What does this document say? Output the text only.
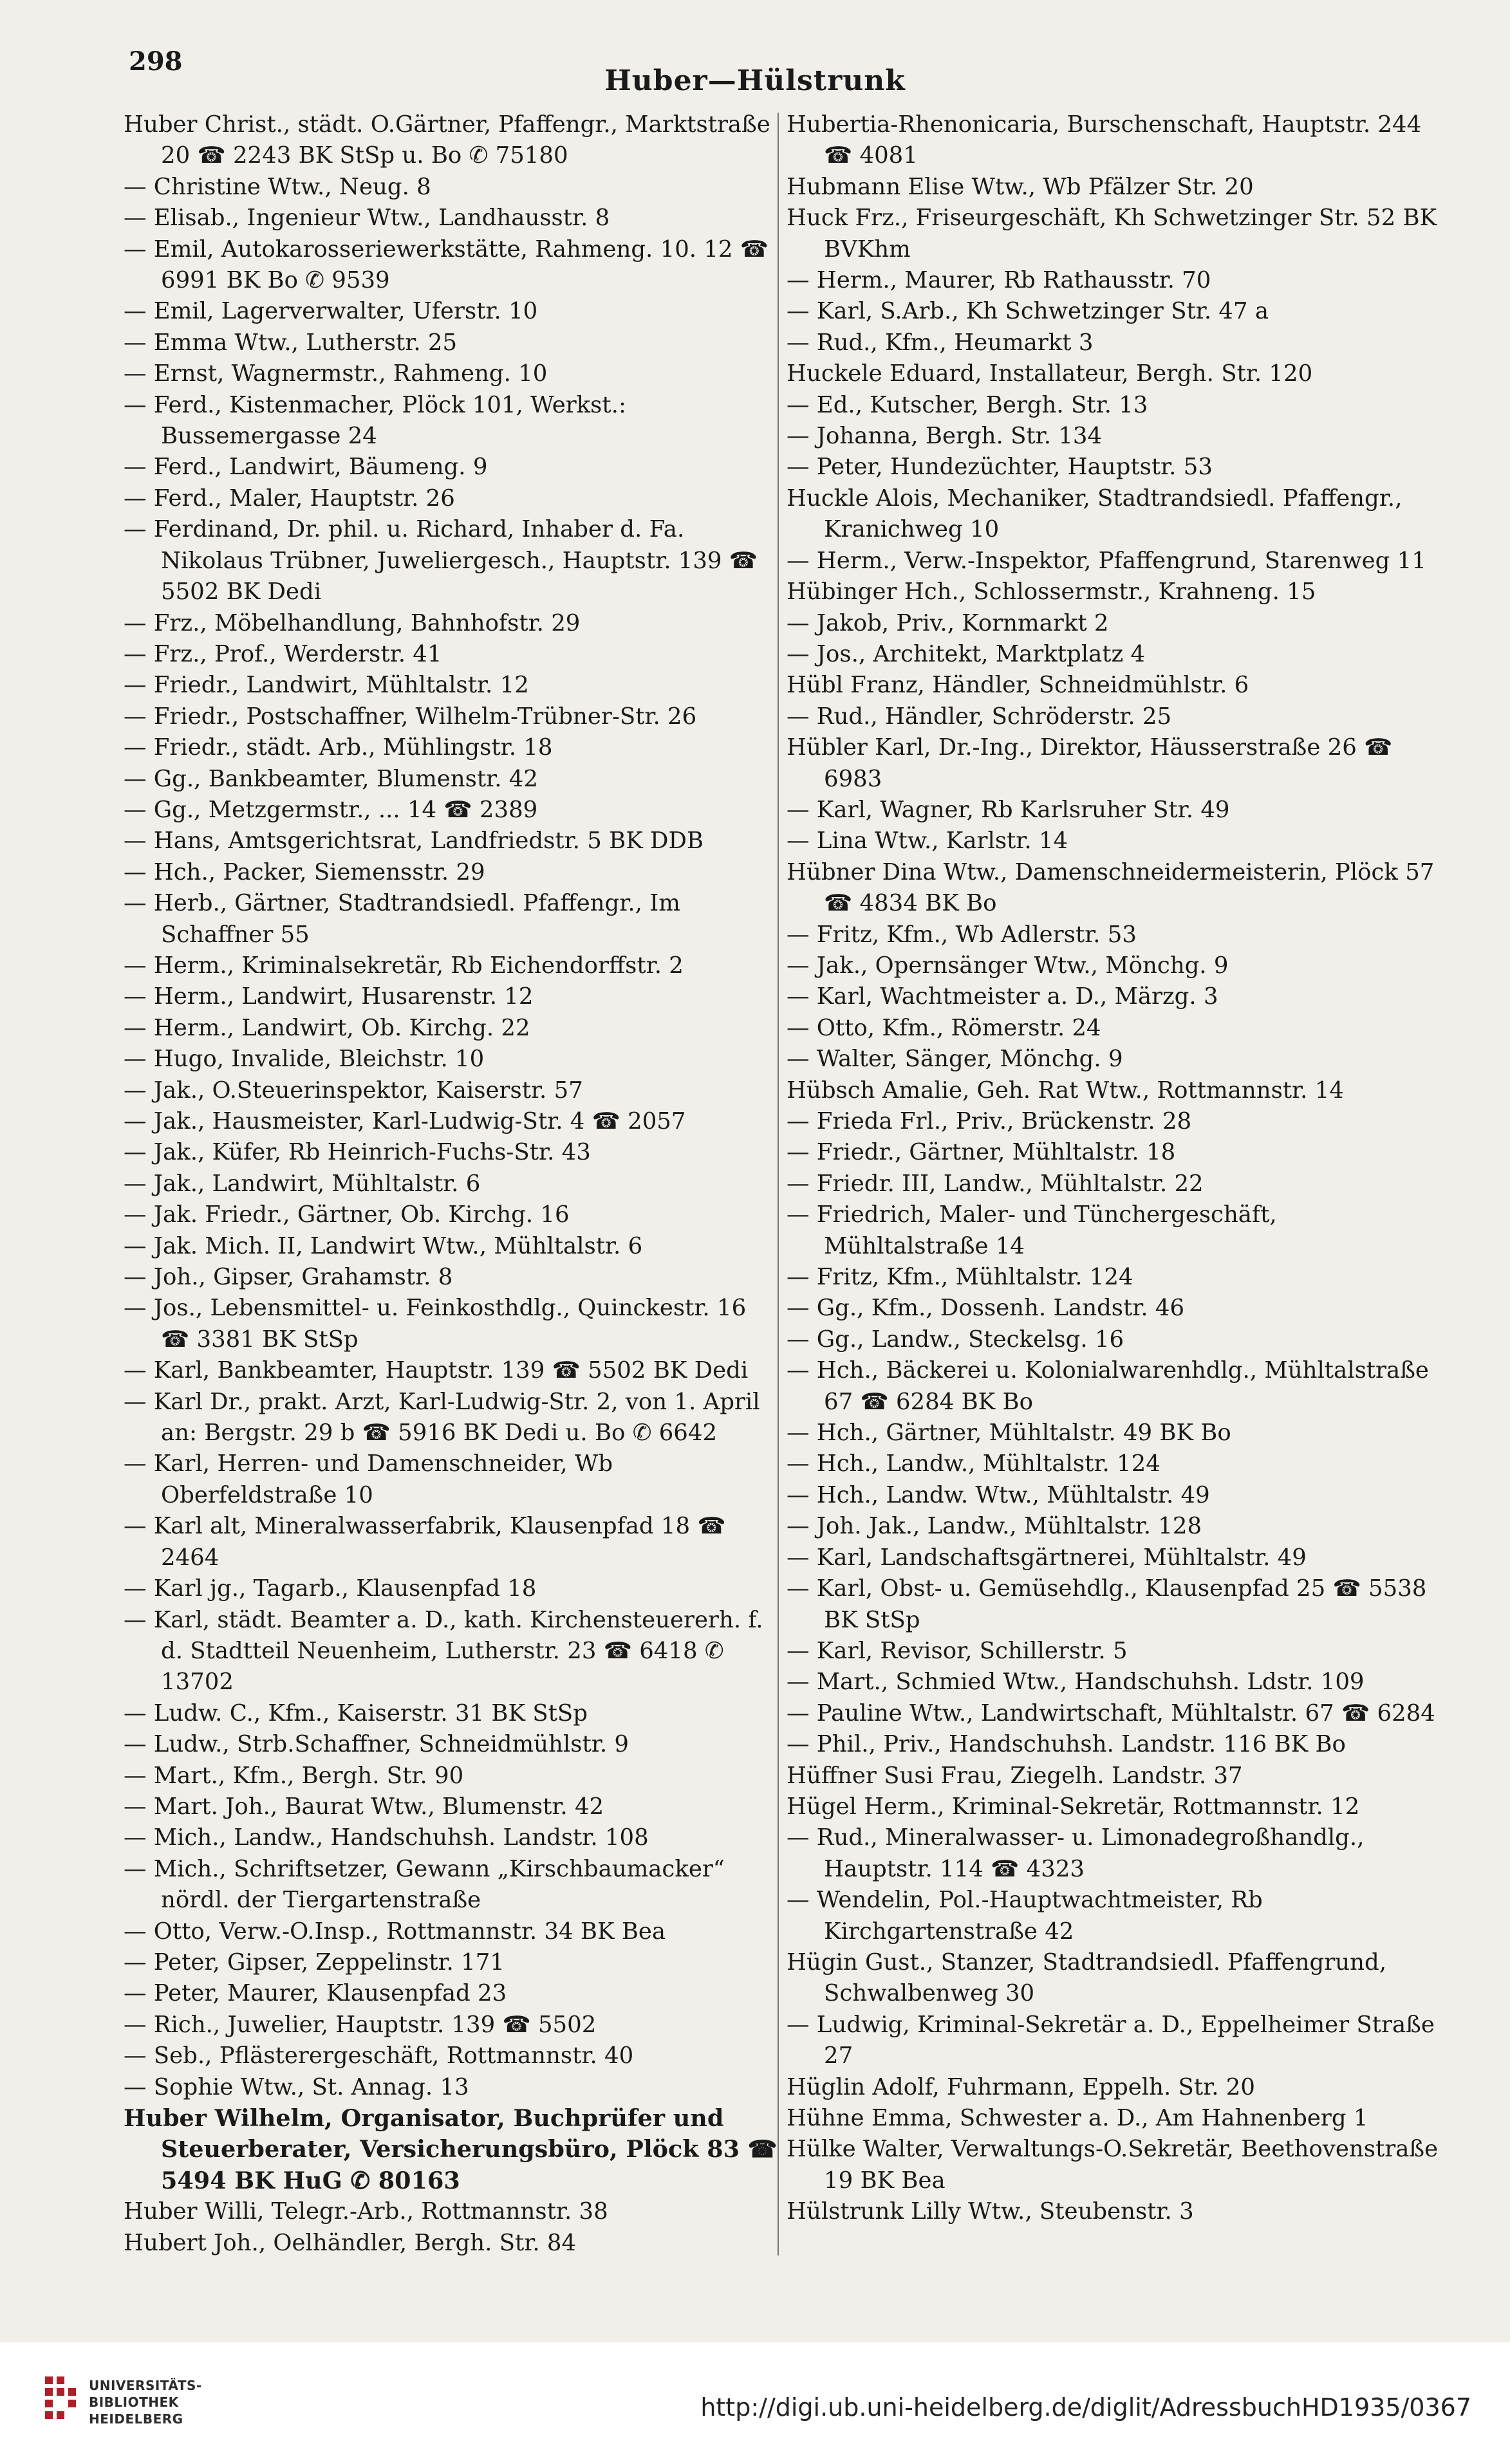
298
Huber—Hülstrunk

Huber Christ., städt. O.Gärtner, Pfaffengr., Marktstraße 20 ☎ 2243 BK StSp u. Bo ✆ 75180

— Christine Wtw., Neug. 8

— Elisab., Ingenieur Wtw., Landhausstr. 8

— Emil, Autokarosseriewerkstätte, Rahmeng. 10. 12 ☎ 6991 BK Bo ✆ 9539

— Emil, Lagerverwalter, Uferstr. 10

— Emma Wtw., Lutherstr. 25

— Ernst, Wagnermstr., Rahmeng. 10

— Ferd., Kistenmacher, Plöck 101, Werkst.: Bussemergasse 24

— Ferd., Landwirt, Bäumeng. 9

— Ferd., Maler, Hauptstr. 26

— Ferdinand, Dr. phil. u. Richard, Inhaber d. Fa. Nikolaus Trübner, Juweliergesch., Hauptstr. 139 ☎ 5502 BK Dedi

— Frz., Möbelhandlung, Bahnhofstr. 29

— Frz., Prof., Werderstr. 41

— Friedr., Landwirt, Mühltalstr. 12

— Friedr., Postschaffner, Wilhelm-Trübner-Str. 26

— Friedr., städt. Arb., Mühlingstr. 18

— Gg., Bankbeamter, Blumenstr. 42

— Gg., Metzgermstr., ... 14 ☎ 2389

— Hans, Amtsgerichtsrat, Landfriedstr. 5 BK DDB

— Hch., Packer, Siemensstr. 29

— Herb., Gärtner, Stadtrandsiedl. Pfaffengr., Im Schaffner 55

— Herm., Kriminalsekretär, Rb Eichendorffstr. 2

— Herm., Landwirt, Husarenstr. 12

— Herm., Landwirt, Ob. Kirchg. 22

— Hugo, Invalide, Bleichstr. 10

— Jak., O.Steuerinspektor, Kaiserstr. 57

— Jak., Hausmeister, Karl-Ludwig-Str. 4 ☎ 2057

— Jak., Küfer, Rb Heinrich-Fuchs-Str. 43

— Jak., Landwirt, Mühltalstr. 6

— Jak. Friedr., Gärtner, Ob. Kirchg. 16

— Jak. Mich. II, Landwirt Wtw., Mühltalstr. 6

— Joh., Gipser, Grahamstr. 8

— Jos., Lebensmittel- u. Feinkosthdlg., Quinckestr. 16 ☎ 3381 BK StSp

— Karl, Bankbeamter, Hauptstr. 139 ☎ 5502 BK Dedi

— Karl Dr., prakt. Arzt, Karl-Ludwig-Str. 2, von 1. April an: Bergstr. 29 b ☎ 5916 BK Dedi u. Bo ✆ 6642

— Karl, Herren- und Damenschneider, Wb Oberfeldstraße 10

— Karl alt, Mineralwasserfabrik, Klausenpfad 18 ☎ 2464

— Karl jg., Tagarb., Klausenpfad 18

— Karl, städt. Beamter a. D., kath. Kirchensteuererh. f. d. Stadtteil Neuenheim, Lutherstr. 23 ☎ 6418 ✆ 13702

— Ludw. C., Kfm., Kaiserstr. 31 BK StSp

— Ludw., Strb.Schaffner, Schneidmühlstr. 9

— Mart., Kfm., Bergh. Str. 90

— Mart. Joh., Baurat Wtw., Blumenstr. 42

— Mich., Landw., Handschuhsh. Landstr. 108

— Mich., Schriftsetzer, Gewann „Kirschbaumacker“ nördl. der Tiergartenstraße

— Otto, Verw.-O.Insp., Rottmannstr. 34 BK Bea

— Peter, Gipser, Zeppelinstr. 171

— Peter, Maurer, Klausenpfad 23

— Rich., Juwelier, Hauptstr. 139 ☎ 5502

— Seb., Pflästerergeschäft, Rottmannstr. 40

— Sophie Wtw., St. Annag. 13

Huber Wilhelm, Organisator, Buchprüfer und Steuerberater, Versicherungsbüro, Plöck 83 ☎ 5494 BK HuG ✆ 80163

Huber Willi, Telegr.-Arb., Rottmannstr. 38

Hubert Joh., Oelhändler, Bergh. Str. 84

Hubertia-Rhenonicaria, Burschenschaft, Hauptstr. 244 ☎ 4081

Hubmann Elise Wtw., Wb Pfälzer Str. 20

Huck Frz., Friseurgeschäft, Kh Schwetzinger Str. 52 BK BVKhm

— Herm., Maurer, Rb Rathausstr. 70

— Karl, S.Arb., Kh Schwetzinger Str. 47 a

— Rud., Kfm., Heumarkt 3

Huckele Eduard, Installateur, Bergh. Str. 120

— Ed., Kutscher, Bergh. Str. 13

— Johanna, Bergh. Str. 134

— Peter, Hundezüchter, Hauptstr. 53

Huckle Alois, Mechaniker, Stadtrandsiedl. Pfaffengr., Kranichweg 10

— Herm., Verw.-Inspektor, Pfaffengrund, Starenweg 11

Hübinger Hch., Schlossermstr., Krahneng. 15

— Jakob, Priv., Kornmarkt 2

— Jos., Architekt, Marktplatz 4

Hübl Franz, Händler, Schneidmühlstr. 6

— Rud., Händler, Schröderstr. 25

Hübler Karl, Dr.-Ing., Direktor, Häusserstraße 26 ☎ 6983

— Karl, Wagner, Rb Karlsruher Str. 49

— Lina Wtw., Karlstr. 14

Hübner Dina Wtw., Damenschneidermeisterin, Plöck 57 ☎ 4834 BK Bo

— Fritz, Kfm., Wb Adlerstr. 53

— Jak., Opernsänger Wtw., Mönchg. 9

— Karl, Wachtmeister a. D., Märzg. 3

— Otto, Kfm., Römerstr. 24

— Walter, Sänger, Mönchg. 9

Hübsch Amalie, Geh. Rat Wtw., Rottmannstr. 14

— Frieda Frl., Priv., Brückenstr. 28

— Friedr., Gärtner, Mühltalstr. 18

— Friedr. III, Landw., Mühltalstr. 22

— Friedrich, Maler- und Tünchergeschäft, Mühltalstraße 14

— Fritz, Kfm., Mühltalstr. 124

— Gg., Kfm., Dossenh. Landstr. 46

— Gg., Landw., Steckelsg. 16

— Hch., Bäckerei u. Kolonialwarenhdlg., Mühltalstraße 67 ☎ 6284 BK Bo

— Hch., Gärtner, Mühltalstr. 49 BK Bo

— Hch., Landw., Mühltalstr. 124

— Hch., Landw. Wtw., Mühltalstr. 49

— Joh. Jak., Landw., Mühltalstr. 128

— Karl, Landschaftsgärtnerei, Mühltalstr. 49

— Karl, Obst- u. Gemüsehdlg., Klausenpfad 25 ☎ 5538 BK StSp

— Karl, Revisor, Schillerstr. 5

— Mart., Schmied Wtw., Handschuhsh. Ldstr. 109

— Pauline Wtw., Landwirtschaft, Mühltalstr. 67 ☎ 6284

— Phil., Priv., Handschuhsh. Landstr. 116 BK Bo

Hüffner Susi Frau, Ziegelh. Landstr. 37

Hügel Herm., Kriminal-Sekretär, Rottmannstr. 12

— Rud., Mineralwasser- u. Limonadegroßhandlg., Hauptstr. 114 ☎ 4323

— Wendelin, Pol.-Hauptwachtmeister, Rb Kirchgartenstraße 42

Hügin Gust., Stanzer, Stadtrandsiedl. Pfaffengrund, Schwalbenweg 30

— Ludwig, Kriminal-Sekretär a. D., Eppelheimer Straße 27

Hüglin Adolf, Fuhrmann, Eppelh. Str. 20

Hühne Emma, Schwester a. D., Am Hahnenberg 1

Hülke Walter, Verwaltungs-O.Sekretär, Beethovenstraße 19 BK Bea

Hülstrunk Lilly Wtw., Steubenstr. 3

UNIVERSITÄTS-
BIBLIOTHEK
HEIDELBERG	http://digi.ub.uni-heidelberg.de/diglit/AdressbuchHD1935/0367
